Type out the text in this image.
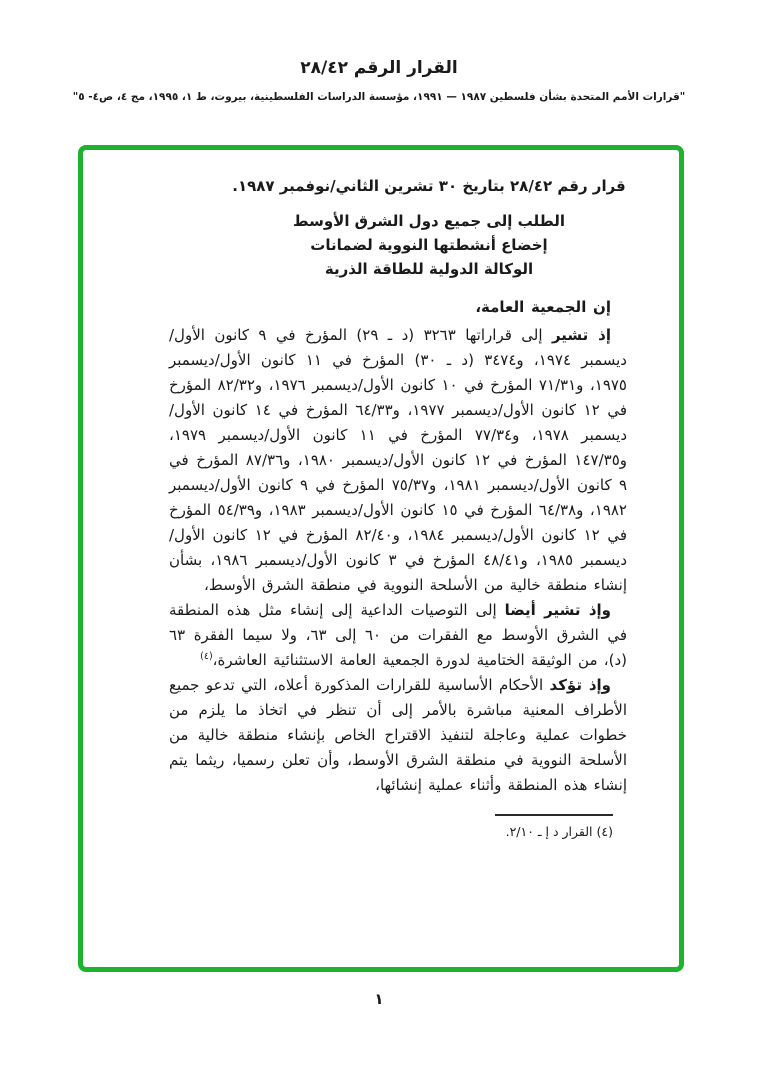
القرار الرقم ٢٨/٤٢
"قرارات الأمم المتحدة بشأن فلسطين ١٩٨٧ — ١٩٩١، مؤسسة الدراسات الفلسطينية، بيروت، ط ١، ١٩٩٥، مج ٤، ص٤- ٥"
قرار رقم ٢٨/٤٢ بتاريخ ٣٠ تشرين الثاني/نوفمبر ١٩٨٧.
الطلب إلى جميع دول الشرق الأوسط
إخضاع أنشطتها النووية لضمانات
الوكالة الدولية للطاقة الذرية

إن الجمعية العامة،

إذ تشير إلى قراراتها ٣٢٦٣ (د ـ ٢٩) المؤرخ في ٩ كانون الأول/ديسمبر ١٩٧٤، و٣٤٧٤ (د ـ ٣٠) المؤرخ في ١١ كانون الأول/ديسمبر ١٩٧٥، و٧١/٣١ المؤرخ في ١٠ كانون الأول/ديسمبر ١٩٧٦، و٨٢/٣٢ المؤرخ في ١٢ كانون الأول/ديسمبر ١٩٧٧، و٦٤/٣٣ المؤرخ في ١٤ كانون الأول/ديسمبر ١٩٧٨، و٧٧/٣٤ المؤرخ في ١١ كانون الأول/ديسمبر ١٩٧٩، و١٤٧/٣٥ المؤرخ في ١٢ كانون الأول/ديسمبر ١٩٨٠، و٨٧/٣٦ المؤرخ في ٩ كانون الأول/ديسمبر ١٩٨١، و٧٥/٣٧ المؤرخ في ٩ كانون الأول/ديسمبر ١٩٨٢، و٦٤/٣٨ المؤرخ في ١٥ كانون الأول/ديسمبر ١٩٨٣، و٥٤/٣٩ المؤرخ في ١٢ كانون الأول/ديسمبر ١٩٨٤، و٨٢/٤٠ المؤرخ في ١٢ كانون الأول/ديسمبر ١٩٨٥، و٤٨/٤١ المؤرخ في ٣ كانون الأول/ديسمبر ١٩٨٦، بشأن إنشاء منطقة خالية من الأسلحة النووية في منطقة الشرق الأوسط،

وإذ تشير أيضا إلى التوصيات الداعية إلى إنشاء مثل هذه المنطقة في الشرق الأوسط مع الفقرات من ٦٠ إلى ٦٣، ولا سيما الفقرة ٦٣ (د)، من الوثيقة الختامية لدورة الجمعية العامة الاستثنائية العاشرة،$^{(٤)}$

وإذ تؤكد الأحكام الأساسية للقرارات المذكورة أعلاه، التي تدعو جميع الأطراف المعنية مباشرة بالأمر إلى أن تنظر في اتخاذ ما يلزم من خطوات عملية وعاجلة لتنفيذ الاقتراح الخاص بإنشاء منطقة خالية من الأسلحة النووية في منطقة الشرق الأوسط، وأن تعلن رسميا، ريثما يتم إنشاء هذه المنطقة وأثناء عملية إنشائها،

(٤) القرار د إ ـ ٢/١٠.
١
